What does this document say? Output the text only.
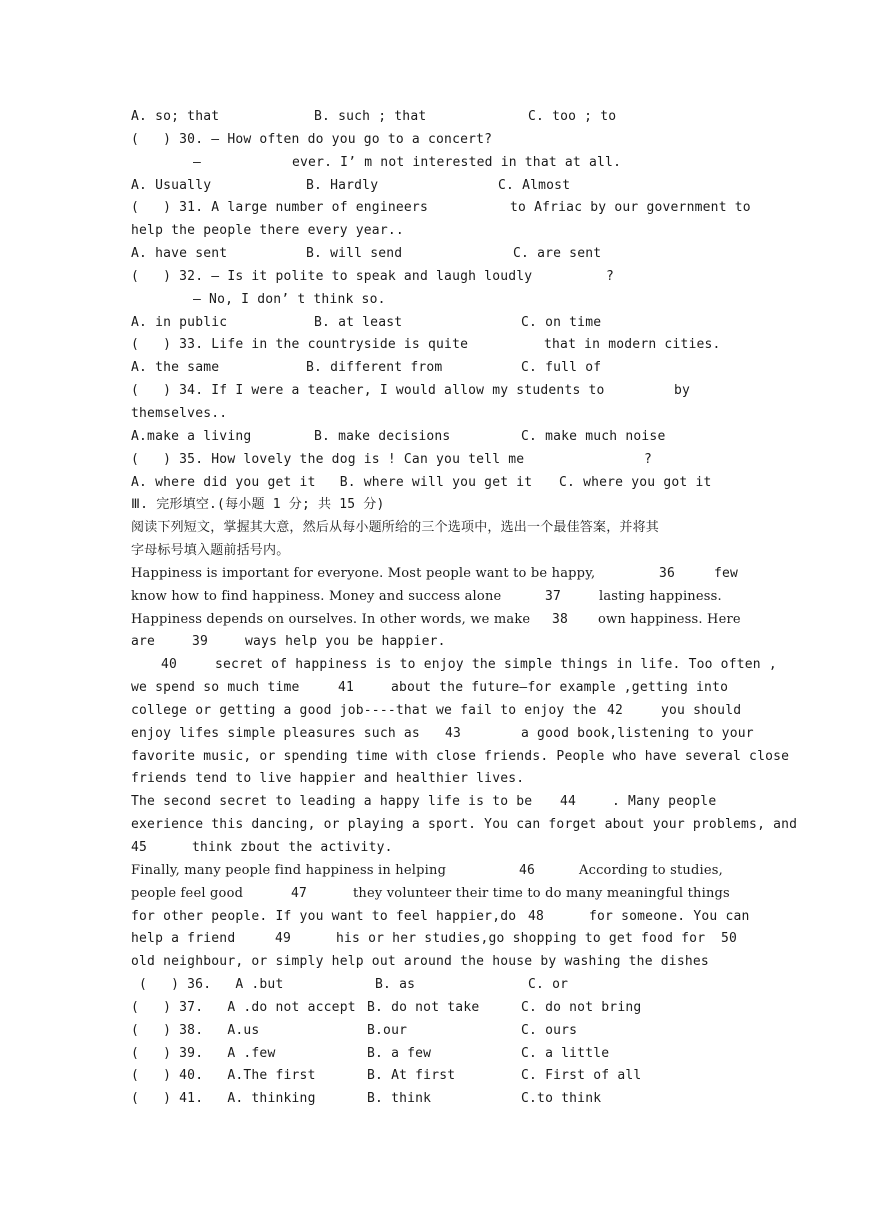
A. so; that	B. such ; that	C. too ; to
(   ) 30. — How often do you go to a concert?
—	ever. I’ m not interested in that at all.
A. Usually	B. Hardly	C. Almost
(   ) 31. A large number of engineers	to Afriac by our government to
help the people there every year..
A. have sent	B. will send	C. are sent
(   ) 32. — Is it polite to speak and laugh loudly	?
— No, I don’ t think so.
A. in public	B. at least	C. on time
(   ) 33. Life in the countryside is quite	that in modern cities.
A. the same	B. different from	C. full of
(   ) 34. If I were a teacher, I would allow my students to	by
themselves..
A.make a living	B. make decisions	C. make much noise
(   ) 35. How lovely the dog is ! Can you tell me	?
A. where did you get it   B. where will you get it C. where you got it
Ⅲ. 完形填空.(每小题 1 分; 共 15 分)
阅读下列短文，掌握其大意，然后从每小题所给的三个选项中，选出一个最佳答案，并将其
字母标号填入题前括号内。
Happiness is important for everyone. Most people want to be happy,	36	few
know how to find happiness. Money and success alone	37	lasting happiness.
Happiness depends on ourselves. In other words, we make 38 own happiness. Here
are	39	ways help you be happier.
40	secret of happiness is to enjoy the simple things in life. Too often ,
we spend so much time	41	about the future—for example ,getting into
college or getting a good job----that we fail to enjoy the 42	you should
enjoy lifes simple pleasures such as 43	a good book,listening to your
favorite music, or spending time with close friends. People who have several close
friends tend to live happier and healthier lives.
The second secret to leading a happy life is to be 44	. Many people
exerience this dancing, or playing a sport. You can forget about your problems, and
45	think zbout the activity.
Finally, many people find happiness in helping	46	According to studies,
people feel good	47	they volunteer their time to do many meaningful things
for other people. If you want to feel happier,do 48	for someone. You can
help a friend	49	his or her studies,go shopping to get food for 50
old neighbour, or simply help out around the house by washing the dishes
(   ) 36.   A .but	B. as	C. or
(   ) 37.   A .do not accept B. do not take	C. do not bring
(   ) 38.   A.us	B.our	C. ours
(   ) 39.   A .few	B. a few	C. a little
(   ) 40.   A.The first	B. At first	C. First of all
(   ) 41.   A. thinking	B. think	C.to think
